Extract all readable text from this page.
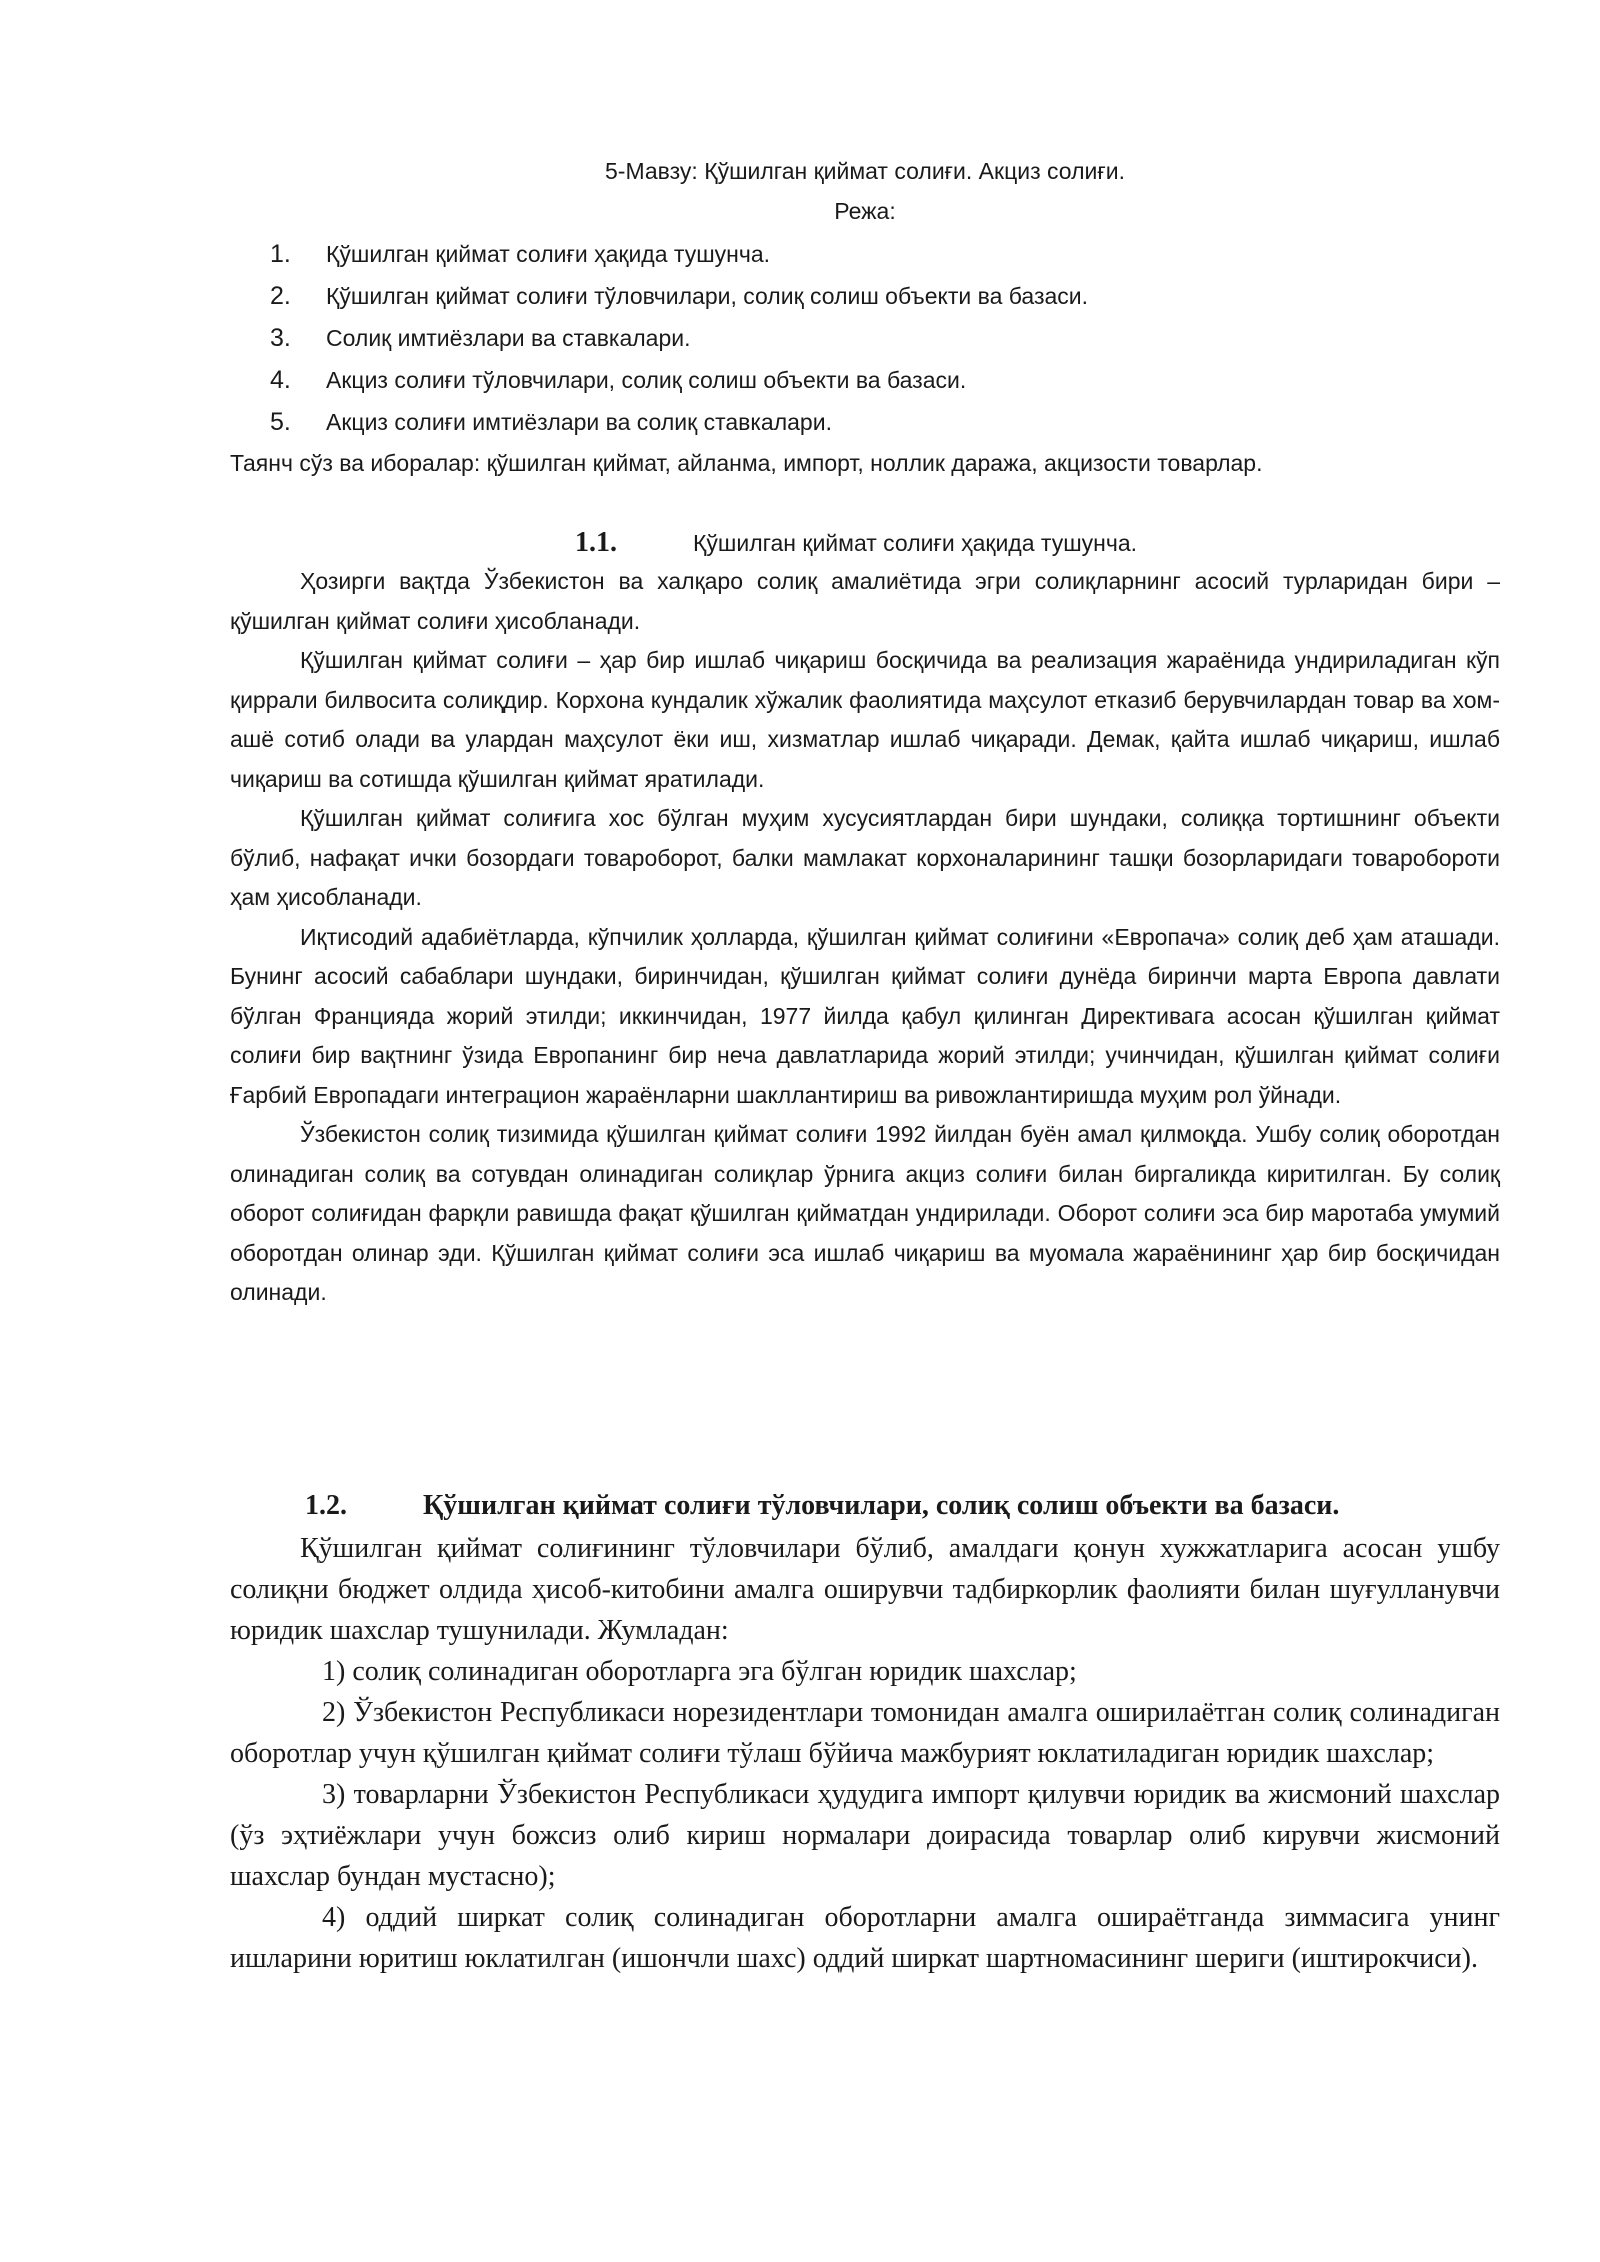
5-Мавзу: Қўшилган қиймат солиғи. Акциз солиғи.
Режа:
1. Қўшилган қиймат солиғи ҳақида тушунча.
2. Қўшилган қиймат солиғи тўловчилари, солиқ солиш объекти ва базаси.
3. Солиқ имтиёзлари ва ставкалари.
4. Акциз солиғи тўловчилари, солиқ солиш объекти ва базаси.
5. Акциз солиғи имтиёзлари ва солиқ ставкалари.
Таянч сўз ва иборалар: қўшилган қиймат, айланма, импорт, ноллик даража, акцизости товарлар.
1.1.	Қўшилган қиймат солиғи ҳақида тушунча.

Ҳозирги вақтда Ўзбекистон ва халқаро солиқ амалиётида эгри солиқларнинг асосий турларидан бири – қўшилган қиймат солиғи ҳисобланади.

Қўшилган қиймат солиғи – ҳар бир ишлаб чиқариш босқичида ва реализация жараёнида ундириладиган кўп қиррали билвосита солиқдир. Корхона кундалик хўжалик фаолиятида маҳсулот етказиб берувчилардан товар ва хом-ашё сотиб олади ва улардан маҳсулот ёки иш, хизматлар ишлаб чиқаради. Демак, қайта ишлаб чиқариш, ишлаб чиқариш ва сотишда қўшилган қиймат яратилади.

Қўшилган қиймат солиғига хос бўлган муҳим хусусиятлардан бири шундаки, солиққа тортишнинг объекти бўлиб, нафақат ички бозордаги товароборот, балки мамлакат корхоналарининг ташқи бозорларидаги товаробороти ҳам ҳисобланади.

Иқтисодий адабиётларда, кўпчилик ҳолларда, қўшилган қиймат солиғини «Европача» солиқ деб ҳам аташади. Бунинг асосий сабаблари шундаки, биринчидан, қўшилган қиймат солиғи дунёда биринчи марта Европа давлати бўлган Францияда жорий этилди; иккинчидан, 1977 йилда қабул қилинган Директивага асосан қўшилган қиймат солиғи бир вақтнинг ўзида Европанинг бир неча давлатларида жорий этилди; учинчидан, қўшилган қиймат солиғи Ғарбий Европадаги интеграцион жараёнларни шакллантириш ва ривожлантиришда муҳим рол ўйнади.

Ўзбекистон солиқ тизимида қўшилган қиймат солиғи 1992 йилдан буён амал қилмоқда. Ушбу солиқ оборотдан олинадиган солиқ ва сотувдан олинадиган солиқлар ўрнига акциз солиғи билан биргаликда киритилган. Бу солиқ оборот солиғидан фарқли равишда фақат қўшилган қийматдан ундирилади. Оборот солиғи эса бир маротаба умумий оборотдан олинар эди. Қўшилган қиймат солиғи эса ишлаб чиқариш ва муомала жараёнининг ҳар бир босқичидан олинади.

1.2.	Қўшилган қиймат солиғи тўловчилари, солиқ солиш объекти ва базаси.

Қўшилган қиймат солиғининг тўловчилари бўлиб, амалдаги қонун хужжатларига асосан ушбу солиқни бюджет олдида ҳисоб-китобини амалга оширувчи тадбиркорлик фаолияти билан шуғулланувчи юридик шахслар тушунилади. Жумладан:

1) солиқ солинадиган оборотларга эга бўлган юридик шахслар;

2) Ўзбекистон Республикаси норезидентлари томонидан амалга оширилаётган солиқ солинадиган оборотлар учун қўшилган қиймат солиғи тўлаш бўйича мажбурият юклатиладиган юридик шахслар;

3) товарларни Ўзбекистон Республикаси ҳудудига импорт қилувчи юридик ва жисмоний шахслар (ўз эҳтиёжлари учун божсиз олиб кириш нормалари доирасида товарлар олиб кирувчи жисмоний шахслар бундан мустасно);

4) оддий ширкат солиқ солинадиган оборотларни амалга ошираётганда зиммасига унинг ишларини юритиш юклатилган (ишончли шахс) оддий ширкат шартномасининг шериги (иштирокчиси).
